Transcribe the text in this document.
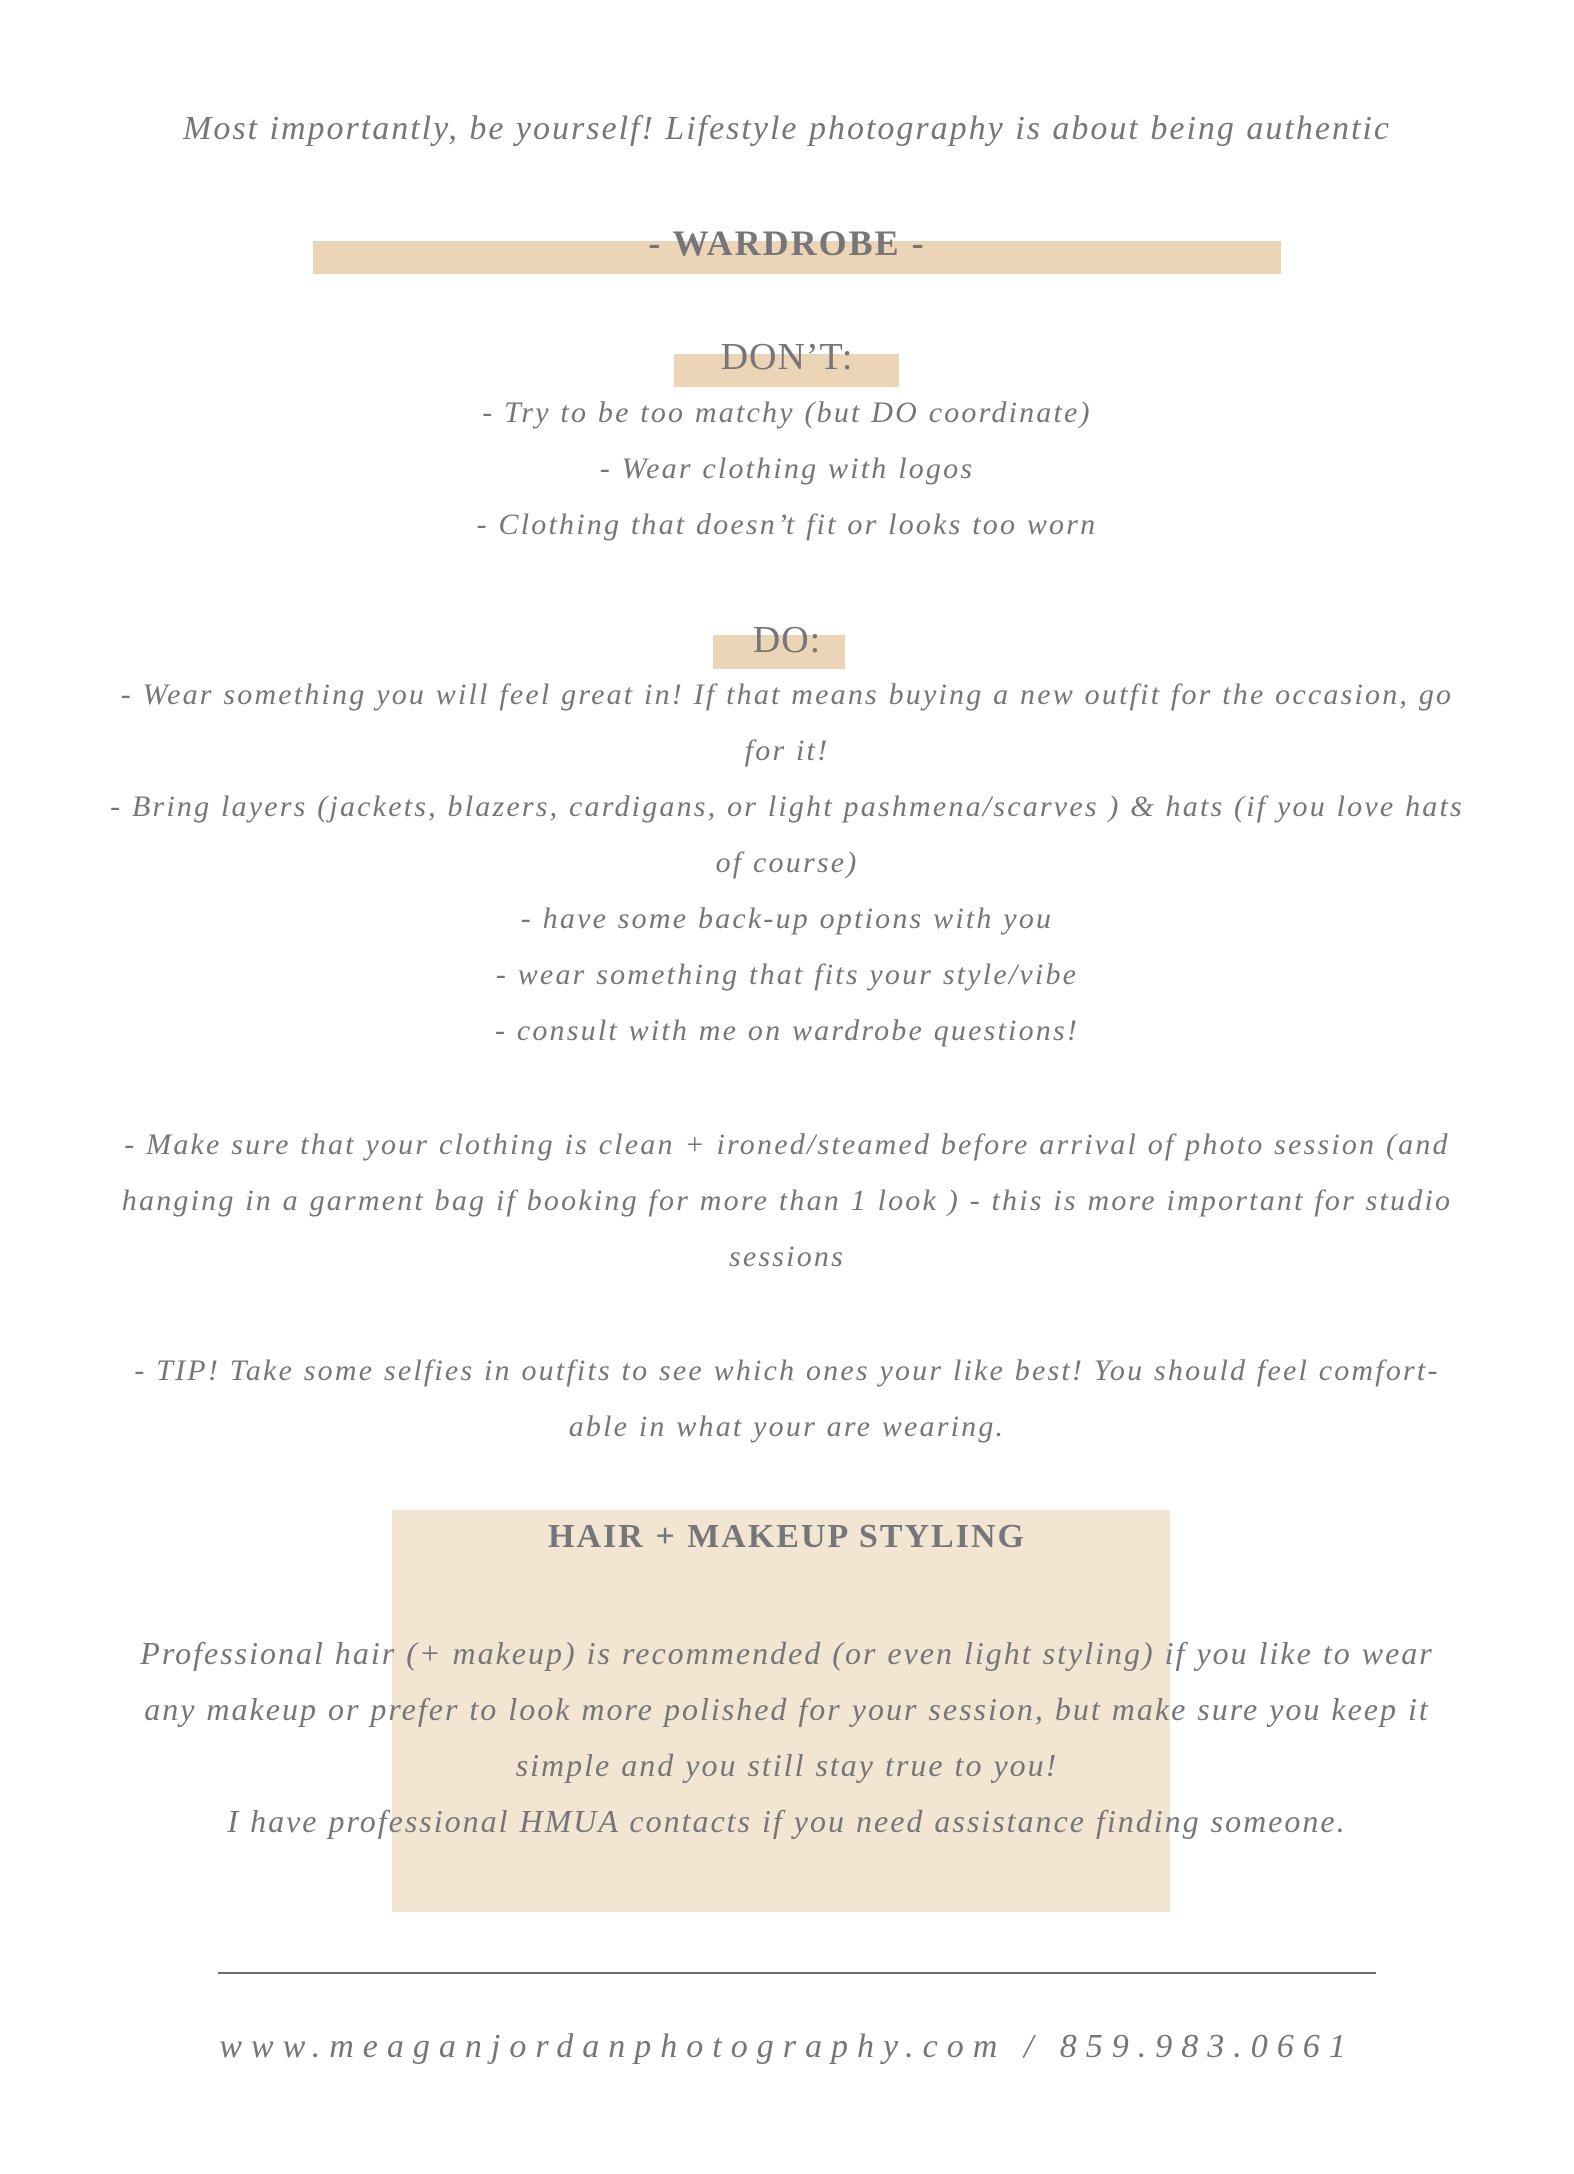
Most importantly, be yourself! Lifestyle photography is about being authentic
- WARDROBE -
DON’T:
- Try to be too matchy (but DO coordinate)
- Wear clothing with logos
- Clothing that doesn’t fit or looks too worn
DO:
- Wear something you will feel great in! If that means buying a new outfit for the occasion, go
for it!
- Bring layers (jackets, blazers, cardigans, or light pashmena/scarves ) & hats (if you love hats
of course)
- have some back-up options with you
- wear something that fits your style/vibe
- consult with me on wardrobe questions!
- Make sure that your clothing is clean + ironed/steamed before arrival of photo session (and
hanging in a garment bag if booking for more than 1 look ) - this is more important for studio
sessions
- TIP! Take some selfies in outfits to see which ones your like best! You should feel comfort-
able in what your are wearing.
HAIR + MAKEUP STYLING
Professional hair (+ makeup) is recommended (or even light styling) if you like to wear
any makeup or prefer to look more polished for your session, but make sure you keep it
simple and you still stay true to you!
I have professional HMUA contacts if you need assistance finding someone.
www.meaganjordanphotography.com / 859.983.0661
